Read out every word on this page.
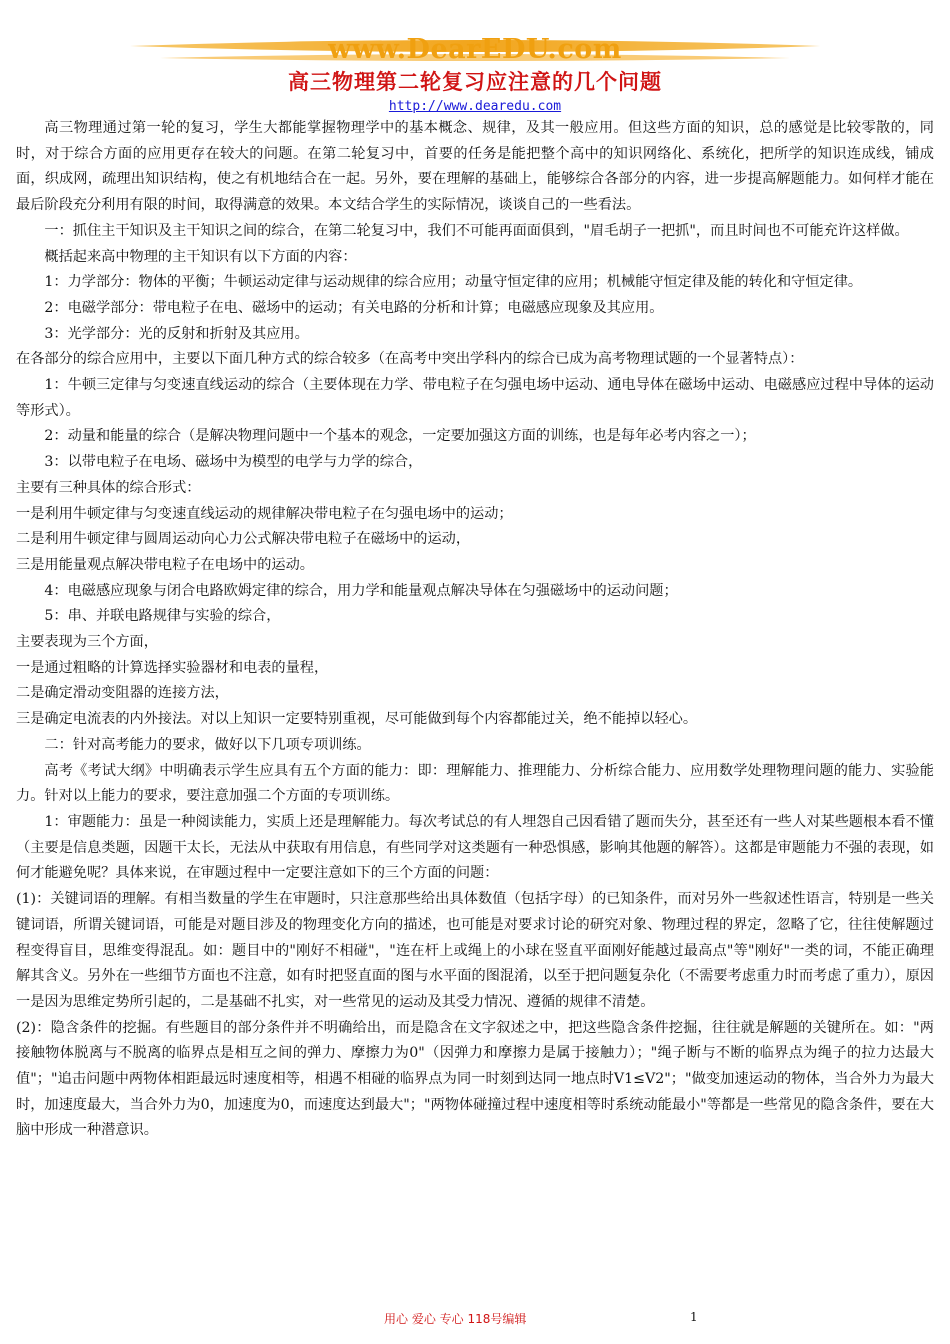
www.DearEDU.com
高三物理第二轮复习应注意的几个问题
http://www.dearedu.com

高三物理通过第一轮的复习，学生大都能掌握物理学中的基本概念、规律，及其一般应用。但这些方面的知识，总的感觉是比较零散的，同时，对于综合方面的应用更存在较大的问题。在第二轮复习中，首要的任务是能把整个高中的知识网络化、系统化，把所学的知识连成线，铺成面，织成网，疏理出知识结构，使之有机地结合在一起。另外，要在理解的基础上，能够综合各部分的内容，进一步提高解题能力。如何样才能在最后阶段充分利用有限的时间，取得满意的效果。本文结合学生的实际情况，谈谈自己的一些看法。

一：抓住主干知识及主干知识之间的综合，在第二轮复习中，我们不可能再面面俱到，"眉毛胡子一把抓"，而且时间也不可能充许这样做。

概括起来高中物理的主干知识有以下方面的内容：

1：力学部分：物体的平衡；牛顿运动定律与运动规律的综合应用；动量守恒定律的应用；机械能守恒定律及能的转化和守恒定律。

2：电磁学部分：带电粒子在电、磁场中的运动；有关电路的分析和计算；电磁感应现象及其应用。

3：光学部分：光的反射和折射及其应用。

在各部分的综合应用中，主要以下面几种方式的综合较多（在高考中突出学科内的综合已成为高考物理试题的一个显著特点）：

1：牛顿三定律与匀变速直线运动的综合（主要体现在力学、带电粒子在匀强电场中运动、通电导体在磁场中运动、电磁感应过程中导体的运动等形式）。

2：动量和能量的综合（是解决物理问题中一个基本的观念，一定要加强这方面的训练，也是每年必考内容之一）；

3：以带电粒子在电场、磁场中为模型的电学与力学的综合，

主要有三种具体的综合形式：

一是利用牛顿定律与匀变速直线运动的规律解决带电粒子在匀强电场中的运动；

二是利用牛顿定律与圆周运动向心力公式解决带电粒子在磁场中的运动，

三是用能量观点解决带电粒子在电场中的运动。

4：电磁感应现象与闭合电路欧姆定律的综合，用力学和能量观点解决导体在匀强磁场中的运动问题；

5：串、并联电路规律与实验的综合，

主要表现为三个方面，

一是通过粗略的计算选择实验器材和电表的量程，

二是确定滑动变阻器的连接方法，

三是确定电流表的内外接法。对以上知识一定要特别重视，尽可能做到每个内容都能过关，绝不能掉以轻心。

二：针对高考能力的要求，做好以下几项专项训练。

高考《考试大纲》中明确表示学生应具有五个方面的能力：即：理解能力、推理能力、分析综合能力、应用数学处理物理问题的能力、实验能力。针对以上能力的要求，要注意加强二个方面的专项训练。

1：审题能力：虽是一种阅读能力，实质上还是理解能力。每次考试总的有人埋怨自己因看错了题而失分，甚至还有一些人对某些题根本看不懂（主要是信息类题，因题干太长，无法从中获取有用信息，有些同学对这类题有一种恐惧感，影响其他题的解答）。这都是审题能力不强的表现，如何才能避免呢？具体来说，在审题过程中一定要注意如下的三个方面的问题：

(1)：关键词语的理解。有相当数量的学生在审题时，只注意那些给出具体数值（包括字母）的已知条件，而对另外一些叙述性语言，特别是一些关键词语，所谓关键词语，可能是对题目涉及的物理变化方向的描述，也可能是对要求讨论的研究对象、物理过程的界定，忽略了它，往往使解题过程变得盲目，思维变得混乱。如：题目中的"刚好不相碰"，"连在杆上或绳上的小球在竖直平面刚好能越过最高点"等"刚好"一类的词，不能正确理解其含义。另外在一些细节方面也不注意，如有时把竖直面的图与水平面的图混淆，以至于把问题复杂化（不需要考虑重力时而考虑了重力），原因一是因为思维定势所引起的，二是基础不扎实，对一些常见的运动及其受力情况、遵循的规律不清楚。

(2)：隐含条件的挖掘。有些题目的部分条件并不明确给出，而是隐含在文字叙述之中，把这些隐含条件挖掘，往往就是解题的关键所在。如："两接触物体脱离与不脱离的临界点是相互之间的弹力、摩擦力为0"（因弹力和摩擦力是属于接触力）；"绳子断与不断的临界点为绳子的拉力达最大值"；"追击问题中两物体相距最远时速度相等，相遇不相碰的临界点为同一时刻到达同一地点时V1≤V2"；"做变加速运动的物体，当合外力为最大时，加速度最大，当合外力为0，加速度为0，而速度达到最大"；"两物体碰撞过程中速度相等时系统动能最小"等都是一些常见的隐含条件，要在大脑中形成一种潜意识。

用心 爱心 专心 118号编辑	1
